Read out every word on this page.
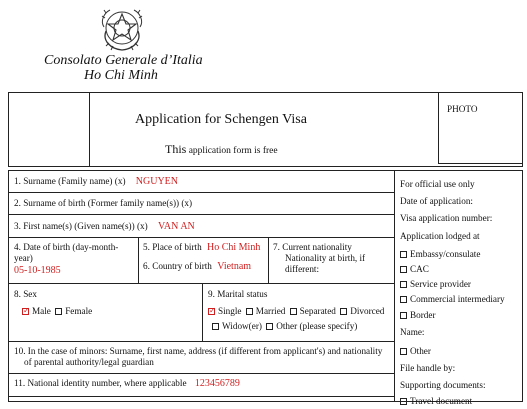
Consolato Generale d’Italia
Ho Chi Minh
Application for Schengen Visa
This application form is free
PHOTO
1. Surname (Family name) (x) NGUYEN
2. Surname of birth (Former family name(s)) (x)
3. First name(s) (Given name(s)) (x) VAN AN
4. Date of birth (day-month-
year)
05-10-1985
5. Place of birth Ho Chi Minh
6. Country of birth Vietnam
7. Current nationality
Nationality at birth, if
different:
8. Sex
✓Male Female
9. Marital status
✓Single Married Separated Divorced
Widow(er) Other (please specify)
10. In the case of minors: Surname, first name, address (if different from applicant's) and nationality
of parental authority/legal guardian
11. National identity number, where applicable 123456789
For official use only
Date of application:
Visa application number:
Application lodged at
Embassy/consulate
CAC
Service provider
Commercial intermediary
Border
Name:
Other
File handle by:
Supporting documents:
Travel document
